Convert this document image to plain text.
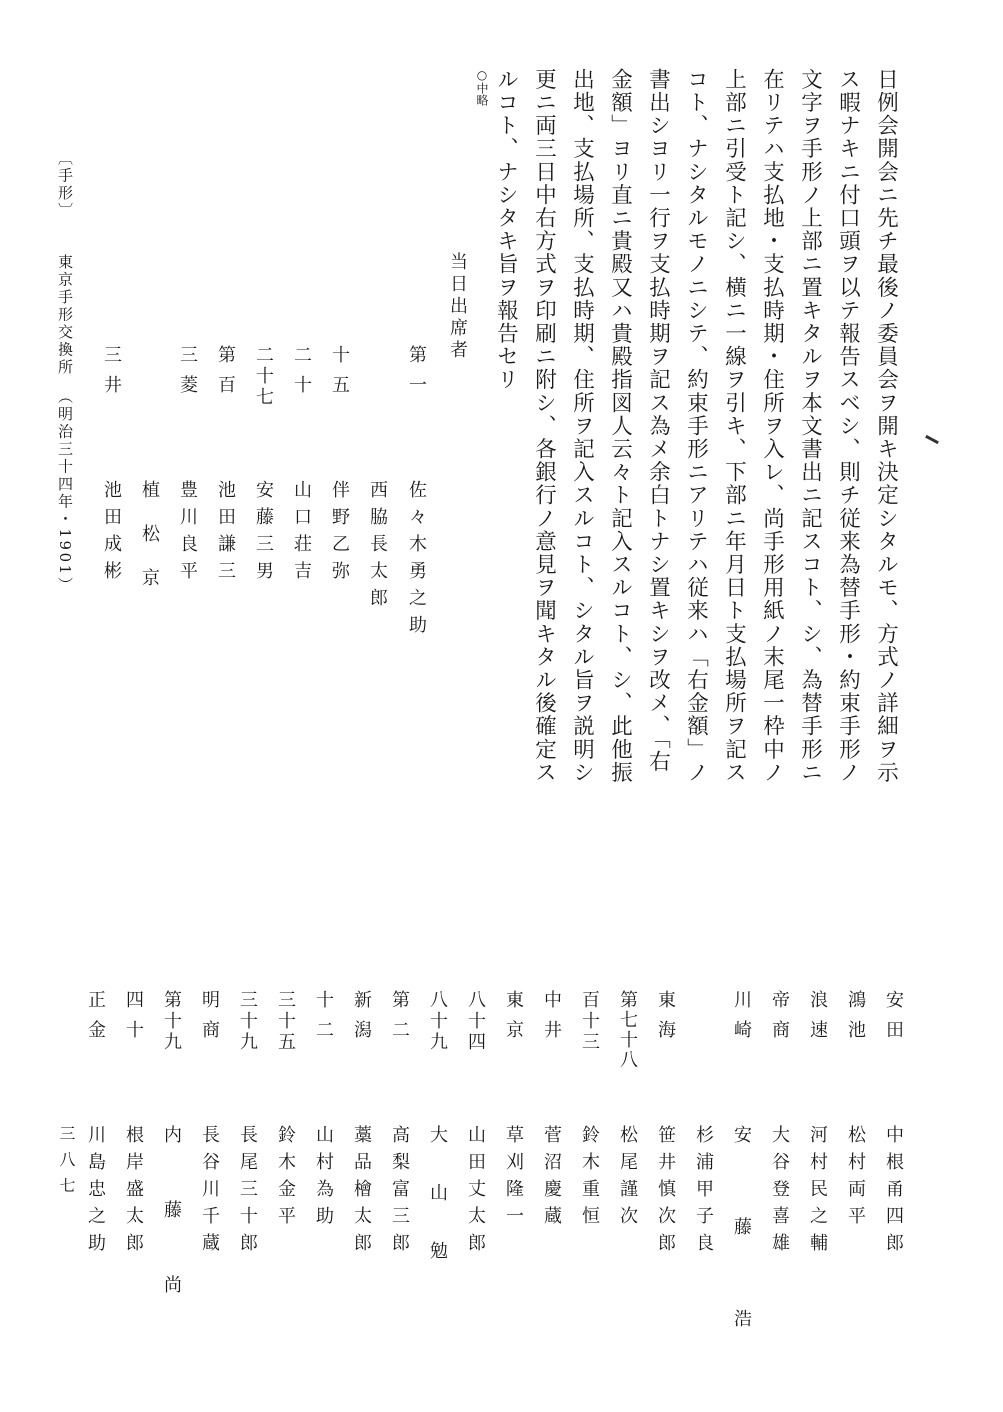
日例会開会ニ先チ最後ノ委員会ヲ開キ決定シタルモ、方式ノ詳細ヲ示
ス暇ナキニ付口頭ヲ以テ報告スベシ、則チ従来為替手形・約束手形ノ
文字ヲ手形ノ上部ニ置キタルヲ本文書出ニ記スコト、シ、為替手形ニ
在リテハ支払地・支払時期・住所ヲ入レ、尚手形用紙ノ末尾一枠中ノ
上部ニ引受ト記シ、横ニ一線ヲ引キ、下部ニ年月日ト支払場所ヲ記ス
コト、ナシタルモノニシテ、約束手形ニアリテハ従来ハ「右金額」ノ
書出シヨリ一行ヲ支払時期ヲ記ス為メ余白トナシ置キシヲ改メ、「右
金額」ヨリ直ニ貴殿又ハ貴殿指図人云々ト記入スルコト、シ、此他振
出地、支払場所、支払時期、住所ヲ記入スルコト、シタル旨ヲ説明シ
更ニ両三日中右方式ヲ印刷ニ附シ、各銀行ノ意見ヲ聞キタル後確定ス
ルコト、ナシタキ旨ヲ報告セリ
○中略
当日出席者
第一
佐々木勇之助
西脇長太郎
十五
伴野乙弥
二十
山口荘吉
二十七
安藤三男
第百
池田謙三
三菱
豊川良平
植松京
三井
池田成彬
〔手形〕東京手形交換所（明治三十四年・1901）
安田
中根甬四郎
鴻池
松村両平
浪速
河村民之輔
帝商
大谷登喜雄
川崎
安藤浩
杉浦甲子良
東海
笹井慎次郎
第七十八
松尾謹次
百十三
鈴木重恒
中井
菅沼慶蔵
東京
草刈隆一
八十四
山田丈太郎
八十九
大山勉
第二
高梨富三郎
新潟
藁品檜太郎
十二
山村為助
三十五
鈴木金平
三十九
長尾三十郎
明商
長谷川千蔵
第十九
内藤尚
四十
根岸盛太郎
正金
川島忠之助
三八七
